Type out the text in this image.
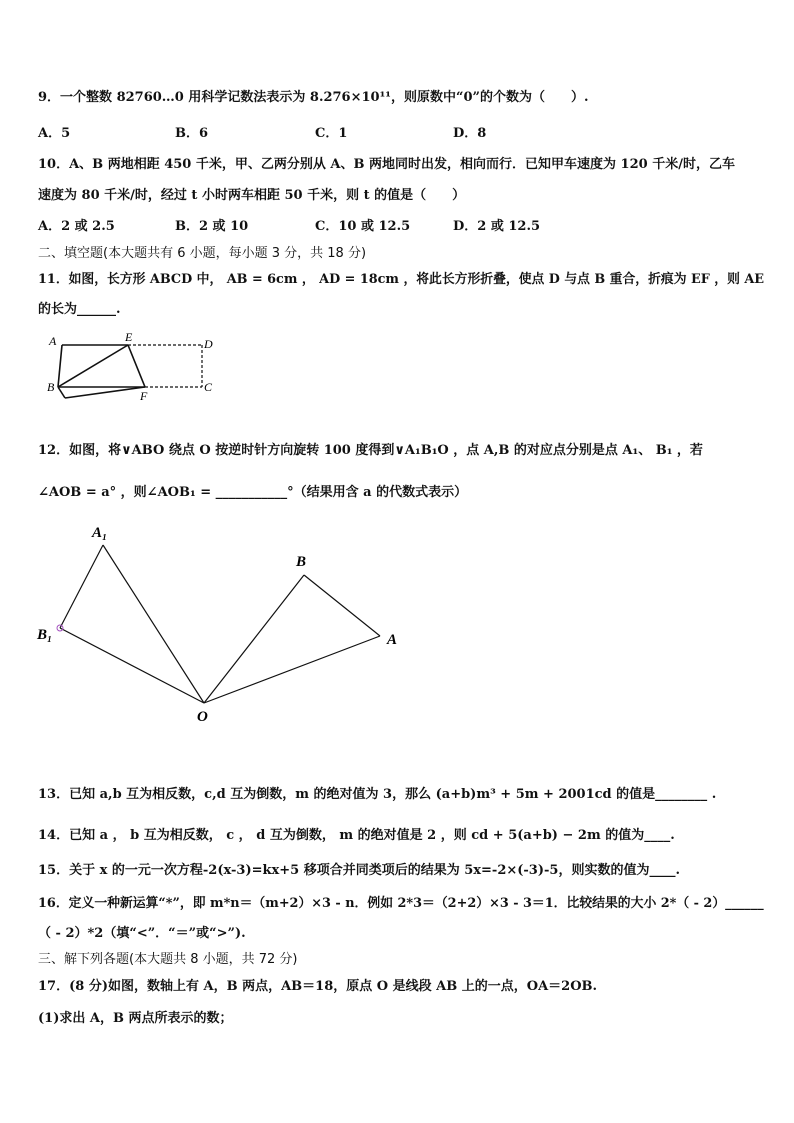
9．一个整数 82760…0 用科学记数法表示为 8.276×10¹¹，则原数中“0”的个数为（　　）.
A．5	B．6	C．1	D．8
10．A、B 两地相距 450 千米，甲、乙两分别从 A、B 两地同时出发，相向而行．已知甲车速度为 120 千米/时，乙车
速度为 80 千米/时，经过 t 小时两车相距 50 千米，则 t 的值是（　　）
A．2 或 2.5	B．2 或 10	C．10 或 12.5	D．2 或 12.5
二、填空题(本大题共有 6 小题，每小题 3 分，共 18 分)
11．如图，长方形 ABCD 中， AB = 6cm ， AD = 18cm ，将此长方形折叠，使点 D 与点 B 重合，折痕为 EF ，则 AE
的长为______.
A	E	D
B
F
C
12．如图，将∨ABO 绕点 O 按逆时针方向旋转 100 度得到∨A₁B₁O ，点 A,B 的对应点分别是点 A₁、 B₁ ，若
∠AOB = a° ，则∠AOB₁ = ___________°（结果用含 a 的代数式表示）
A₁
B₁
B
A
O
13．已知 a,b 互为相反数，c,d 互为倒数，m 的绝对值为 3，那么 (a+b)m³ + 5m + 2001cd 的值是________ .
14．已知 a ， b 互为相反数， c ， d 互为倒数， m 的绝对值是 2 ，则 cd + 5(a+b) − 2m 的值为____.
15．关于 x 的一元一次方程-2(x-3)=kx+5 移项合并同类项后的结果为 5x=-2×(-3)-5，则实数的值为____.
16．定义一种新运算“*”，即 m*n＝（m+2）×3 - n．例如 2*3＝（2+2）×3 - 3＝1．比较结果的大小 2*（ - 2）______
（ - 2）*2（填“<”．“＝”或“>”).
三、解下列各题(本大题共 8 小题，共 72 分)
17．(8 分)如图，数轴上有 A，B 两点，AB＝18，原点 O 是线段 AB 上的一点，OA＝2OB.
(1)求出 A，B 两点所表示的数；
